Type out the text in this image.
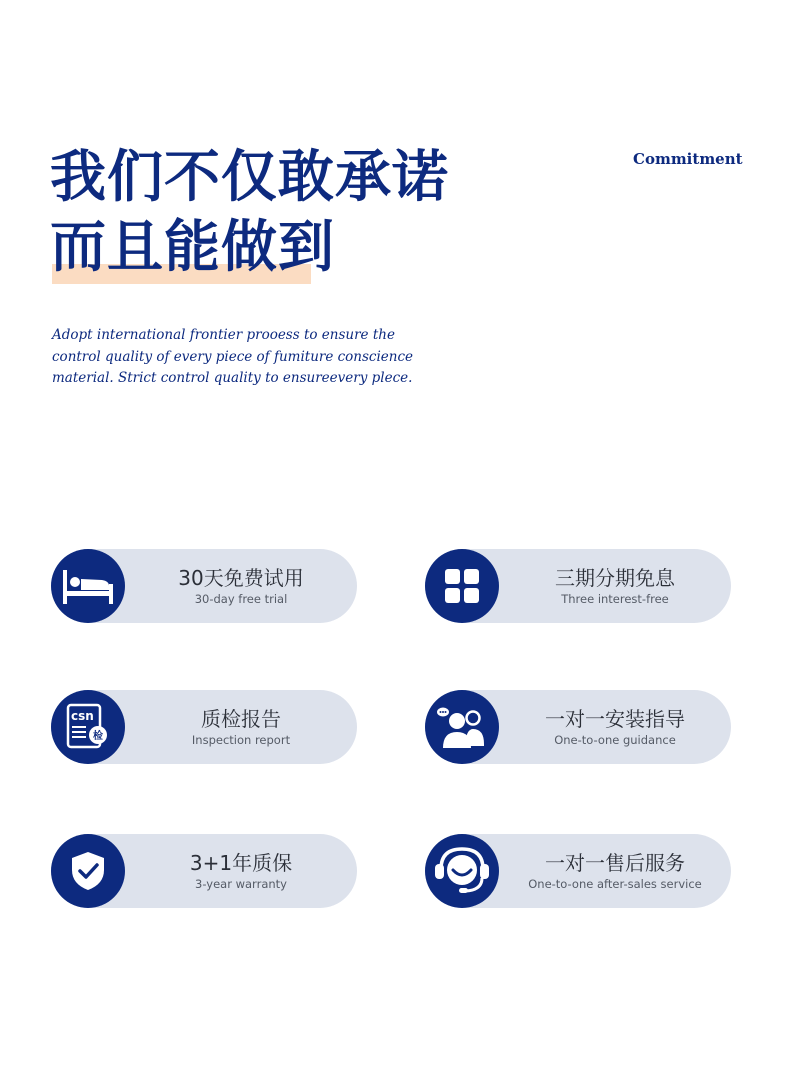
我们不仅敢承诺
而且能做到
Commitment
Adopt international frontier prooess to ensure the
control quality of every piece of fumiture conscience
material. Strict control quality to ensureevery plece.
30天免费试用
30-day free trial
三期分期免息
Three interest-free
csn
检
质检报告
Inspection report
一对一安装指导
One-to-one guidance
3+1年质保
3-year warranty
一对一售后服务
One-to-one after-sales service
